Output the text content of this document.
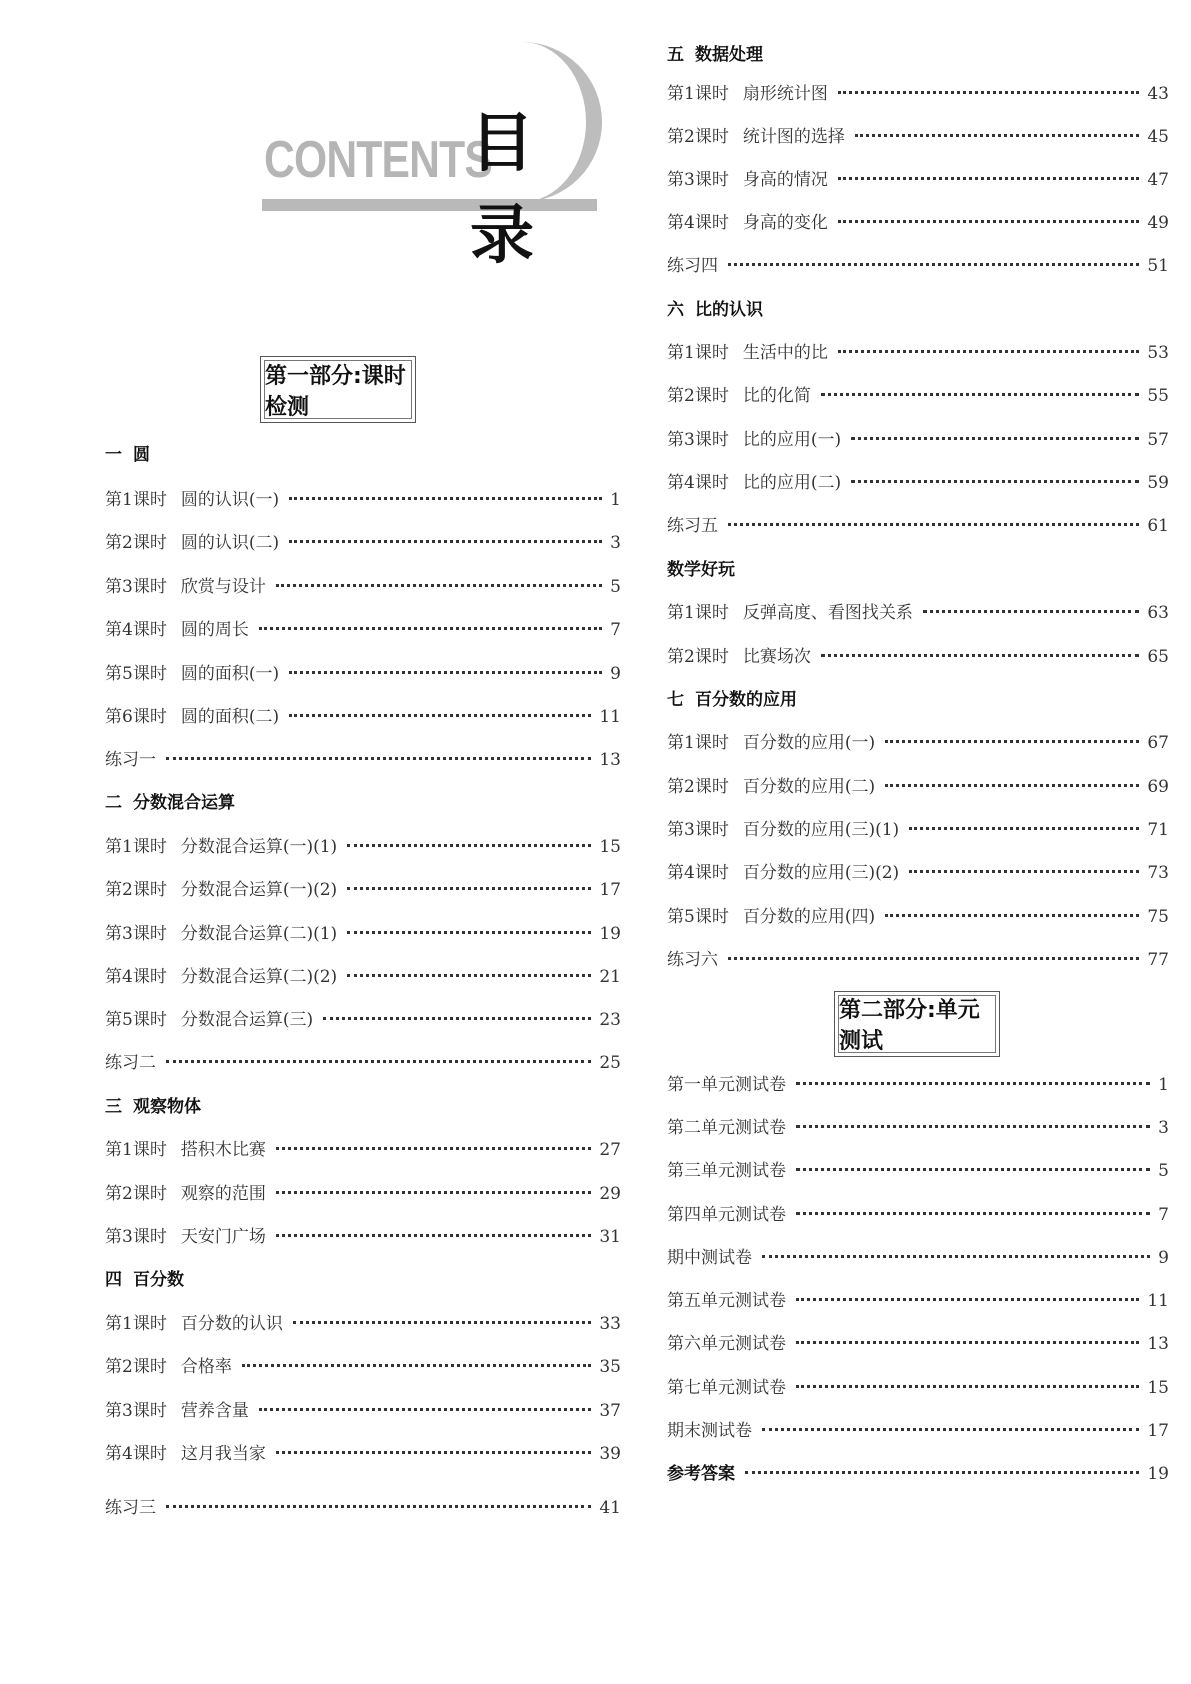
CONTENTS
目录
第一部分:课时检测
第二部分:单元测试
一 圆
第1课时 圆的认识(一)	1
第2课时 圆的认识(二)	3
第3课时 欣赏与设计	5
第4课时 圆的周长	7
第5课时 圆的面积(一)	9
第6课时 圆的面积(二)	11
练习一	13
二 分数混合运算
第1课时 分数混合运算(一)(1)	15
第2课时 分数混合运算(一)(2)	17
第3课时 分数混合运算(二)(1)	19
第4课时 分数混合运算(二)(2)	21
第5课时 分数混合运算(三)	23
练习二	25
三 观察物体
第1课时 搭积木比赛	27
第2课时 观察的范围	29
第3课时 天安门广场	31
四 百分数
第1课时 百分数的认识	33
第2课时 合格率	35
第3课时 营养含量	37
第4课时 这月我当家	39
练习三	41
五 数据处理
第1课时 扇形统计图	43
第2课时 统计图的选择	45
第3课时 身高的情况	47
第4课时 身高的变化	49
练习四	51
六 比的认识
第1课时 生活中的比	53
第2课时 比的化简	55
第3课时 比的应用(一)	57
第4课时 比的应用(二)	59
练习五	61
数学好玩
第1课时 反弹高度、看图找关系	63
第2课时 比赛场次	65
七 百分数的应用
第1课时 百分数的应用(一)	67
第2课时 百分数的应用(二)	69
第3课时 百分数的应用(三)(1)	71
第4课时 百分数的应用(三)(2)	73
第5课时 百分数的应用(四)	75
练习六	77
第一单元测试卷	1
第二单元测试卷	3
第三单元测试卷	5
第四单元测试卷	7
期中测试卷	9
第五单元测试卷	11
第六单元测试卷	13
第七单元测试卷	15
期末测试卷	17
参考答案	19
